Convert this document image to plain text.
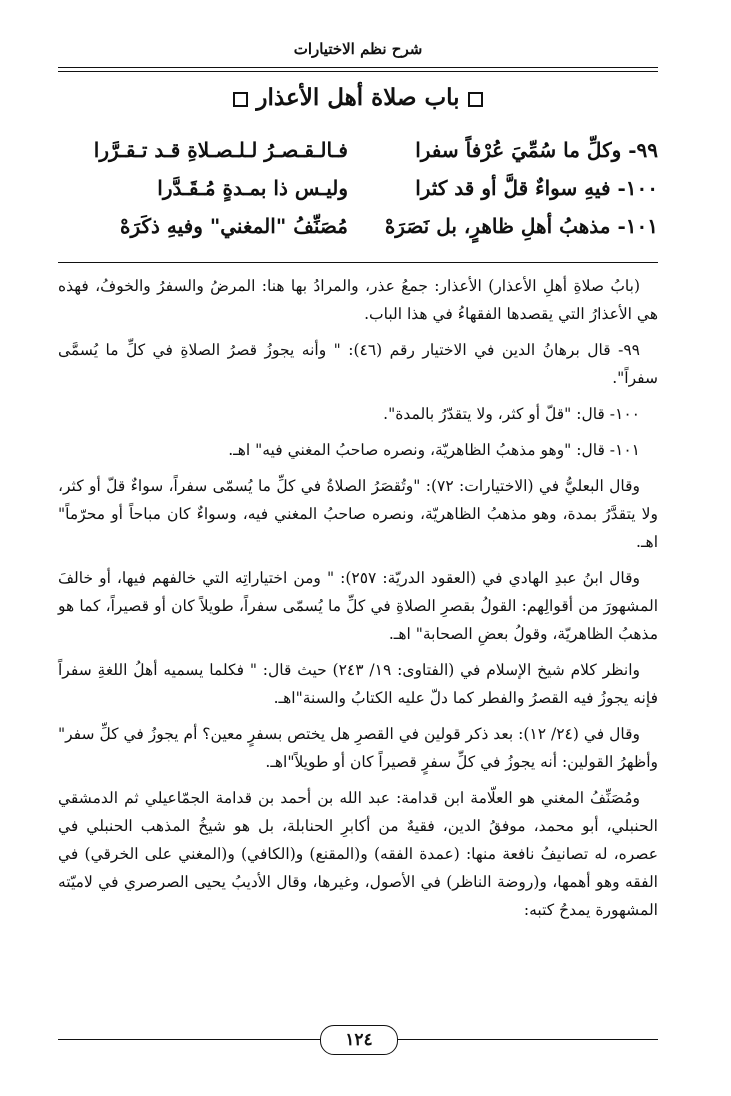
شرح نظم الاختيارات
باب صلاة أهل الأعذار
٩٩- وكلِّ ما سُمِّيَ عُرْفاً سفرا
فـالـقـصـرُ لـلـصـلاةِ قـد تـقـرَّرا
١٠٠- فيهِ سواءٌ قلَّ أو قد كثرا
وليـس ذا بمـدةٍ مُـقَـدَّرا
١٠١- مذهبُ أهلِ ظاهرٍ، بل نَصَرَهْ
مُصَنِّفُ "المغني" وفيهِ ذكَرَهْ

(بابُ صلاةِ أهلِ الأعذار) الأعذار: جمعُ عذر، والمرادُ بها هنا: المرضُ والسفرُ والخوفُ، فهذه هي الأعذارُ التي يقصدها الفقهاءُ في هذا الباب.

٩٩- قال برهانُ الدين في الاختيار رقم (٤٦): " وأنه يجوزُ قصرُ الصلاةِ في كلِّ ما يُسمَّى سفراً".

١٠٠- قال: "قلّ أو كثر، ولا يتقدّرُ بالمدة".

١٠١- قال: "وهو مذهبُ الظاهريّة، ونصره صاحبُ المغني فيه" اهـ.

وقال البعليُّ في (الاختيارات: ٧٢): "وتُقصَرُ الصلاةُ في كلِّ ما يُسمّى سفراً، سواءٌ قلّ أو كثر، ولا يتقدَّرُ بمدة، وهو مذهبُ الظاهريّة، ونصره صاحبُ المغني فيه، وسواءٌ كان مباحاً أو محرّماً" اهـ.

وقال ابنُ عبدِ الهادي في (العقود الدريّة: ٢٥٧): " ومن اختياراتِه التي خالفهم فيها، أو خالفَ المشهورَ من أقوالِهم: القولُ بقصرِ الصلاةِ في كلِّ ما يُسمّى سفراً، طويلاً كان أو قصيراً، كما هو مذهبُ الظاهريّة، وقولُ بعضِ الصحابة" اهـ.

وانظر كلام شيخ الإسلام في (الفتاوى: ١٩/ ٢٤٣) حيث قال: " فكلما يسميه أهلُ اللغةِ سفراً فإنه يجوزُ فيه القصرُ والفطر كما دلّ عليه الكتابُ والسنة"اهـ.

وقال في (٢٤/ ١٢): بعد ذكر قولين في القصرِ هل يختص بسفرٍ معين؟ أم يجوزُ في كلِّ سفر" وأظهرُ القولين: أنه يجوزُ في كلِّ سفرٍ قصيراً كان أو طويلاً"اهـ.

ومُصَنِّفُ المغني هو العلّامة ابن قدامة: عبد الله بن أحمد بن قدامة الجمّاعيلي ثم الدمشقي الحنبلي، أبو محمد، موفقُ الدين، فقيهٌ من أكابرِ الحنابلة، بل هو شيخُ المذهب الحنبلي في عصره، له تصانيفُ نافعة منها: (عمدة الفقه) و(المقنع) و(الكافي) و(المغني على الخرقي) في الفقه وهو أهمها، و(روضة الناظر) في الأصول، وغيرها، وقال الأديبُ يحيى الصرصري في لاميّته المشهورة يمدحُ كتبه:

١٢٤
